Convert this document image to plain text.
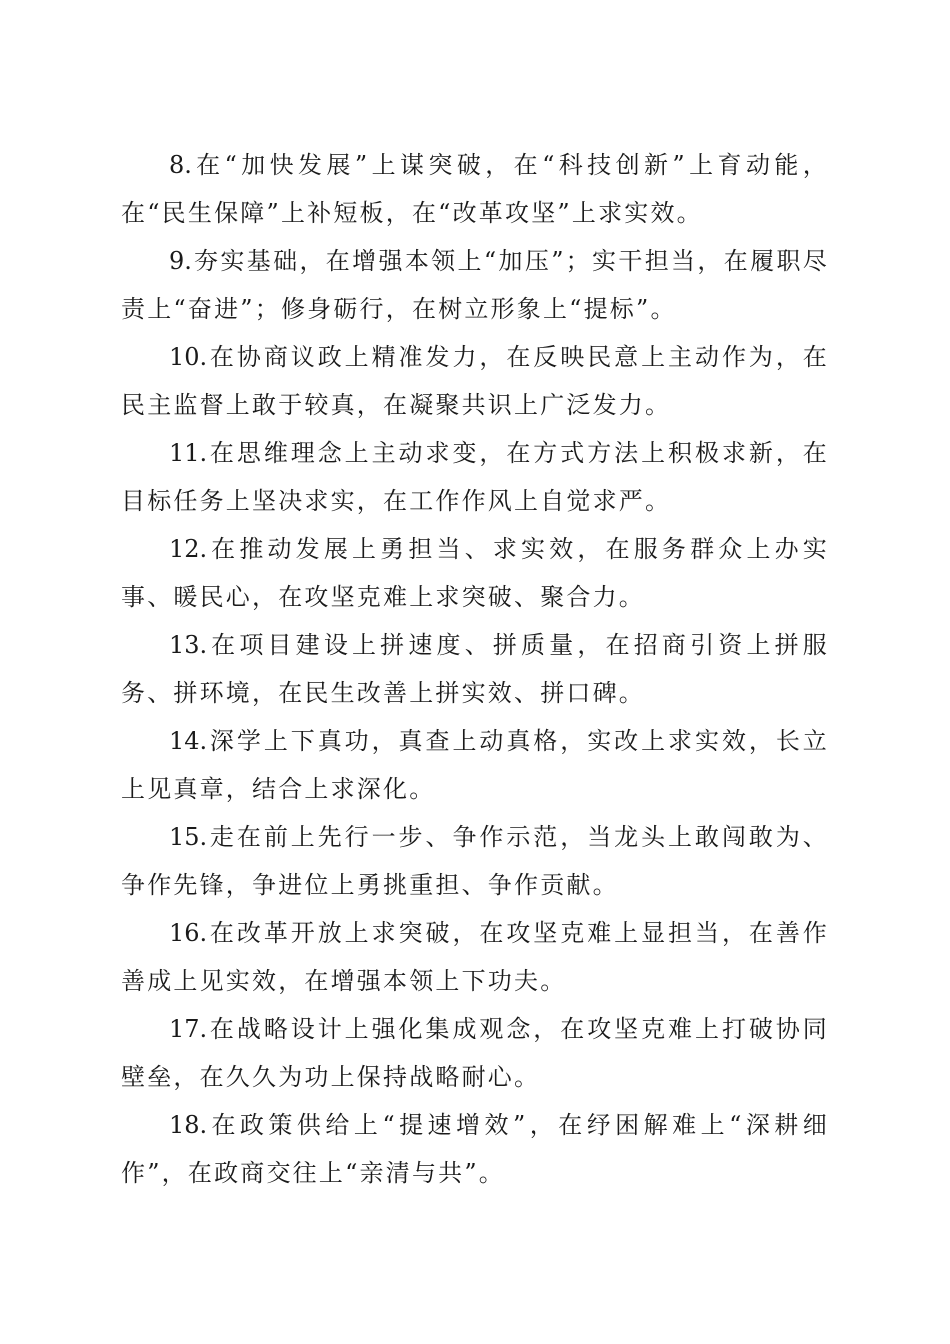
8.在“加快发展”上谋突破，在“科技创新”上育动能，在“民生保障”上补短板，在“改革攻坚”上求实效。

9.夯实基础，在增强本领上“加压”；实干担当，在履职尽责上“奋进”；修身砺行，在树立形象上“提标”。

10.在协商议政上精准发力，在反映民意上主动作为，在民主监督上敢于较真，在凝聚共识上广泛发力。

11.在思维理念上主动求变，在方式方法上积极求新，在目标任务上坚决求实，在工作作风上自觉求严。

12.在推动发展上勇担当、求实效，在服务群众上办实事、暖民心，在攻坚克难上求突破、聚合力。

13.在项目建设上拼速度、拼质量，在招商引资上拼服务、拼环境，在民生改善上拼实效、拼口碑。

14.深学上下真功，真查上动真格，实改上求实效，长立上见真章，结合上求深化。

15.走在前上先行一步、争作示范，当龙头上敢闯敢为、争作先锋，争进位上勇挑重担、争作贡献。

16.在改革开放上求突破，在攻坚克难上显担当，在善作善成上见实效，在增强本领上下功夫。

17.在战略设计上强化集成观念，在攻坚克难上打破协同壁垒，在久久为功上保持战略耐心。

18.在政策供给上“提速增效”，在纾困解难上“深耕细作”，在政商交往上“亲清与共”。
